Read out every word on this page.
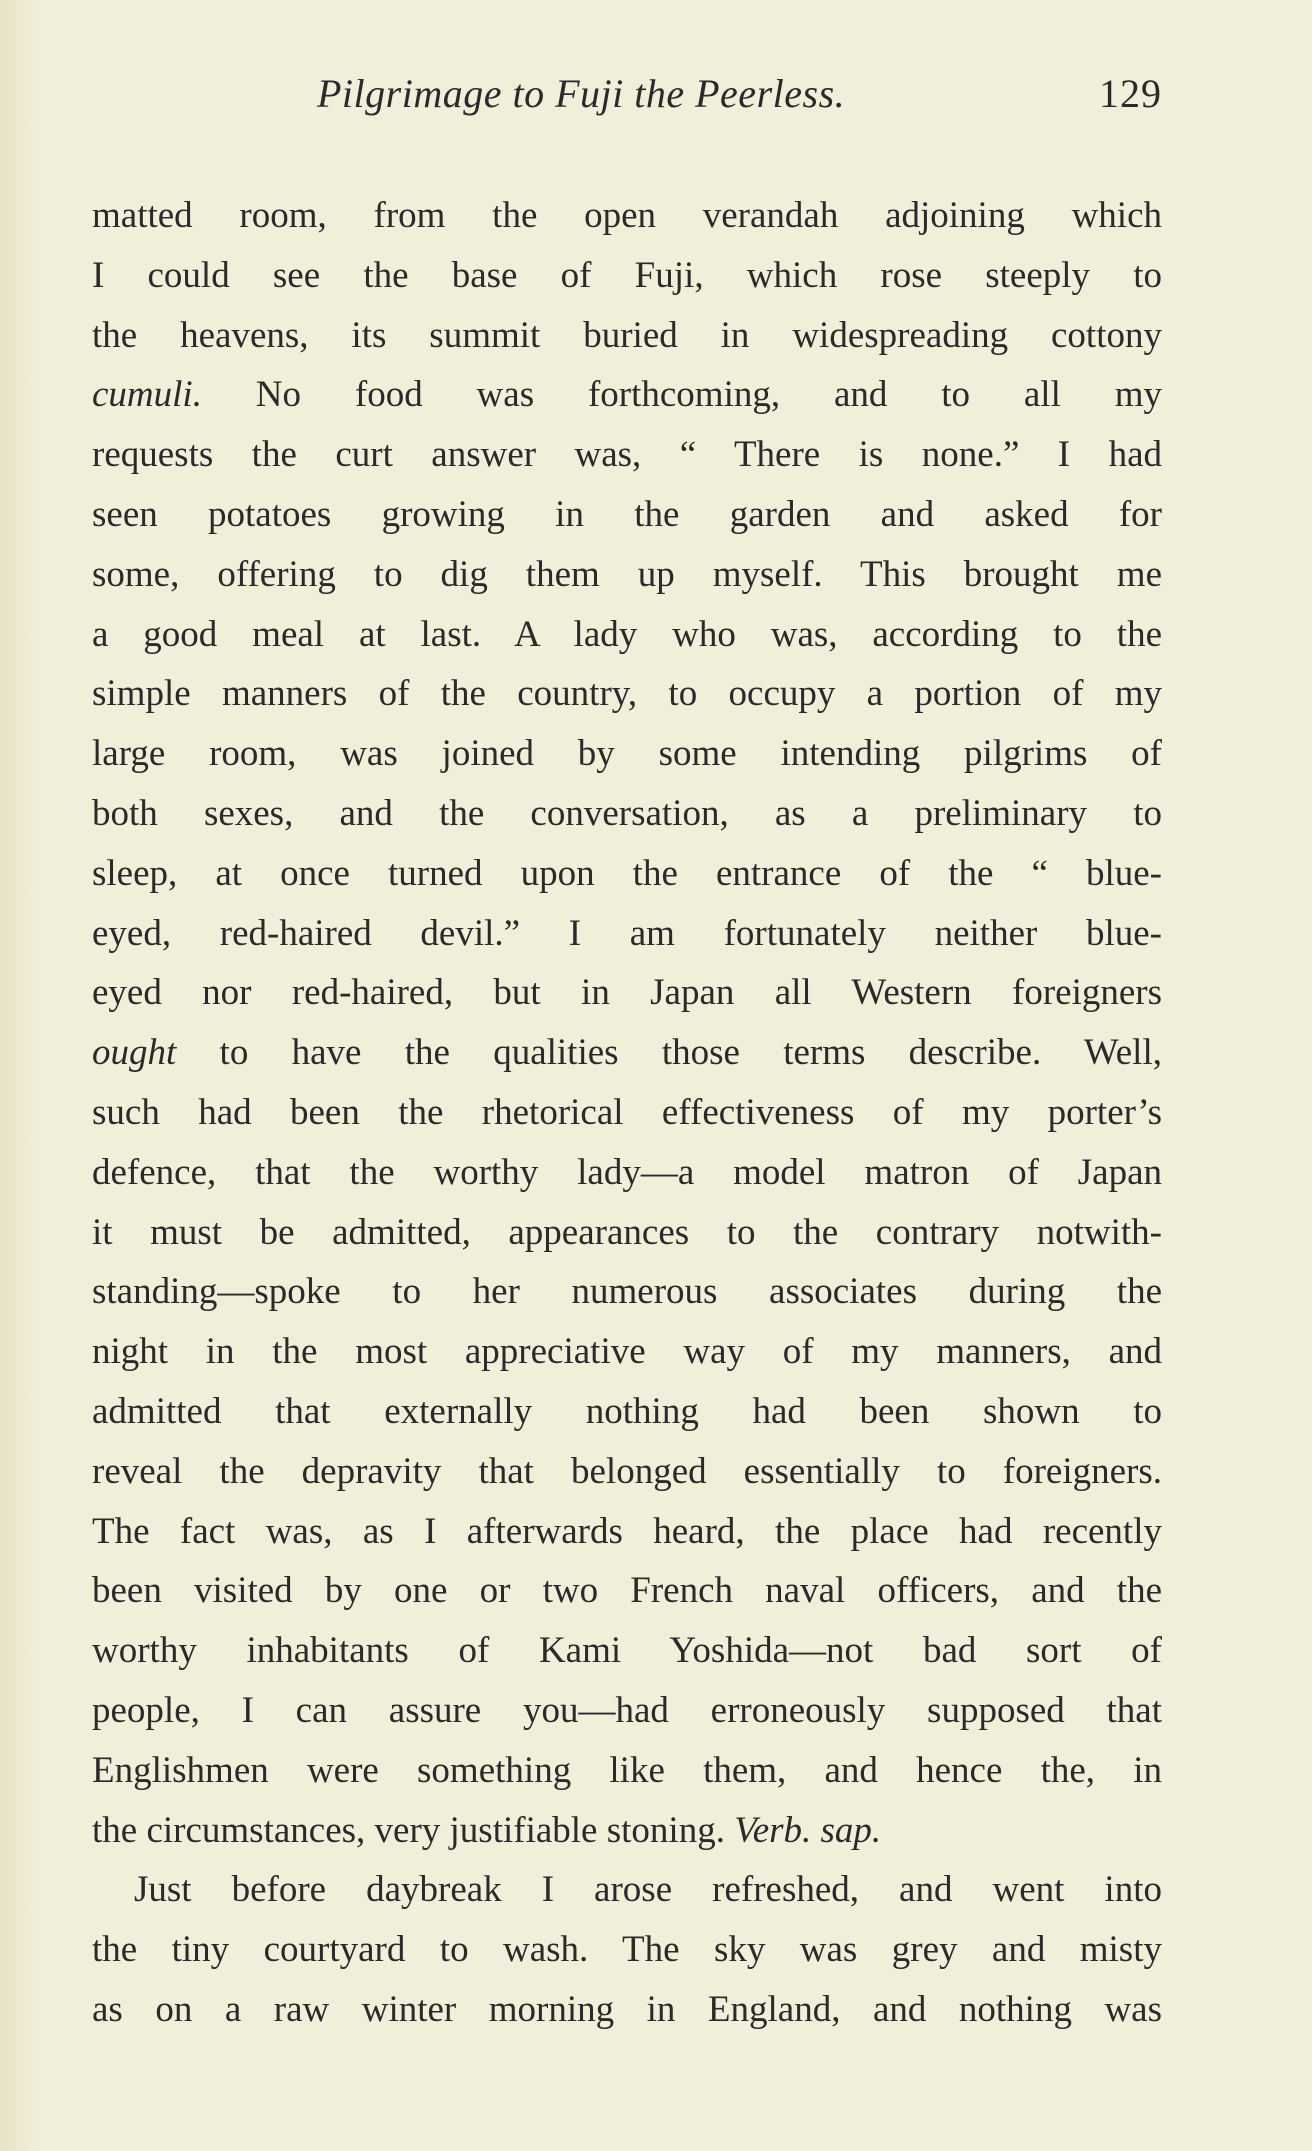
Pilgrimage to Fuji the Peerless.	129
matted room, from the open verandah adjoining which
I could see the base of Fuji, which rose steeply to
the heavens, its summit buried in widespreading cottony
cumuli. No food was forthcoming, and to all my
requests the curt answer was, “ There is none.” I had
seen potatoes growing in the garden and asked for
some, offering to dig them up myself. This brought me
a good meal at last. A lady who was, according to the
simple manners of the country, to occupy a portion of my
large room, was joined by some intending pilgrims of
both sexes, and the conversation, as a preliminary to
sleep, at once turned upon the entrance of the “ blue-
eyed, red-haired devil.” I am fortunately neither blue-
eyed nor red-haired, but in Japan all Western foreigners
ought to have the qualities those terms describe. Well,
such had been the rhetorical effectiveness of my porter’s
defence, that the worthy lady—a model matron of Japan
it must be admitted, appearances to the contrary notwith-
standing—spoke to her numerous associates during the
night in the most appreciative way of my manners, and
admitted that externally nothing had been shown to
reveal the depravity that belonged essentially to foreigners.
The fact was, as I afterwards heard, the place had recently
been visited by one or two French naval officers, and the
worthy inhabitants of Kami Yoshida—not bad sort of
people, I can assure you—had erroneously supposed that
Englishmen were something like them, and hence the, in
the circumstances, very justifiable stoning. Verb. sap.
Just before daybreak I arose refreshed, and went into
the tiny courtyard to wash. The sky was grey and misty
as on a raw winter morning in England, and nothing was
